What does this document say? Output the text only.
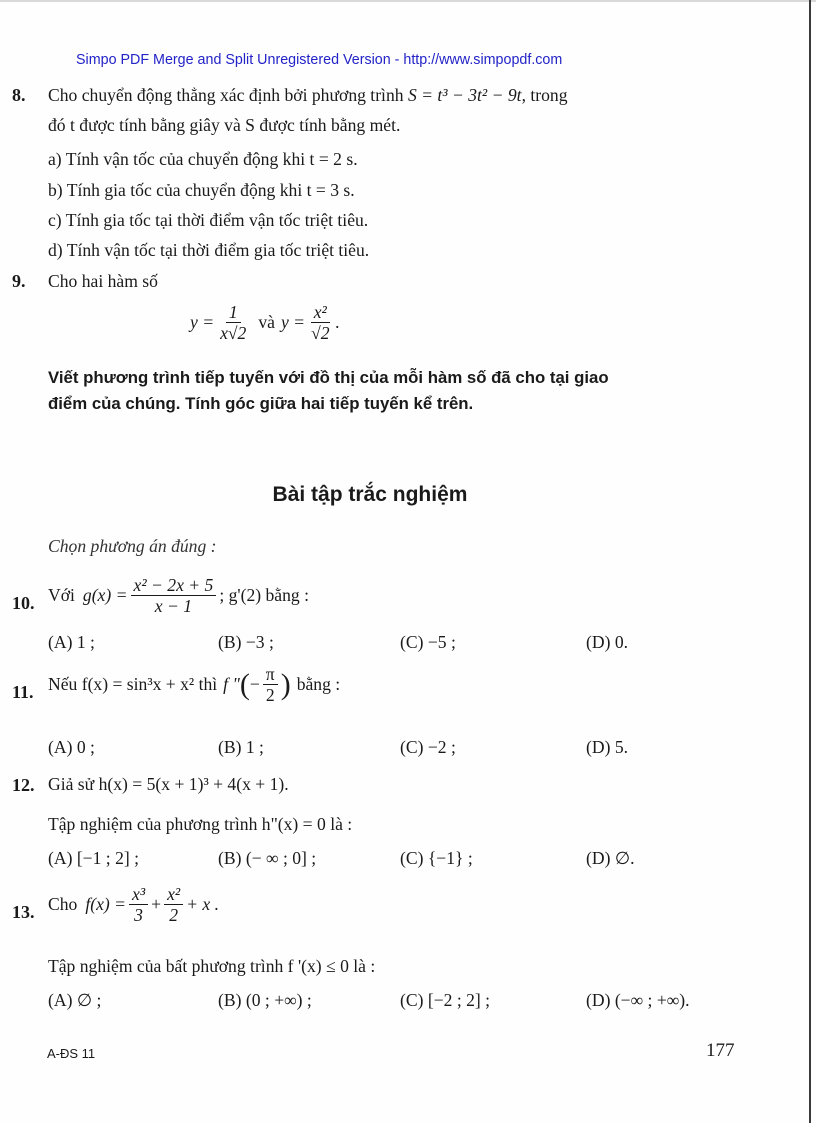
Simpo PDF Merge and Split Unregistered Version - http://www.simpopdf.com
8. Cho chuyển động thẳng xác định bởi phương trình S = t³ − 3t² − 9t, trong
đó t được tính bằng giây và S được tính bằng mét.
a) Tính vận tốc của chuyển động khi t = 2 s.
b) Tính gia tốc của chuyển động khi t = 3 s.
c) Tính gia tốc tại thời điểm vận tốc triệt tiêu.
d) Tính vận tốc tại thời điểm gia tốc triệt tiêu.
9. Cho hai hàm số
$y = \frac{1}{x√2}$ và $y = \frac{\text{x²}}{√2}$ .
Viết phương trình tiếp tuyến với đồ thị của mỗi hàm số đã cho tại giao
điểm của chúng. Tính góc giữa hai tiếp tuyến kể trên.
Bài tập trắc nghiệm
Chọn phương án đúng :
10. Với $g(x) = \frac{\text{x² − 2x + 5}}{x - 1}$ ; g'(2) bằng :
(A) 1 ;	(B) −3 ;	(C) −5 ;	(D) 0.
11. Nếu f(x) = sin³x + x² thì f " ( − $\frac{\pi}{2}$ ) bằng :
(A) 0 ;	(B) 1 ;	(C) −2 ;	(D) 5.
12. Giả sử h(x) = 5(x + 1)³ + 4(x + 1).
Tập nghiệm của phương trình h"(x) = 0 là :
(A) [−1 ; 2] ;	(B) (− ∞ ; 0] ;	(C) {−1} ;	(D) ∅.
13. Cho $f(x) = \frac{\text{x³}}{3} + \frac{\text{x²}}{2} + x$ .
Tập nghiệm của bất phương trình f '(x) ≤ 0 là :
(A) ∅ ;	(B) (0 ; +∞) ;	(C) [−2 ; 2] ;	(D) (−∞ ; +∞).
A-ĐS 11	177
